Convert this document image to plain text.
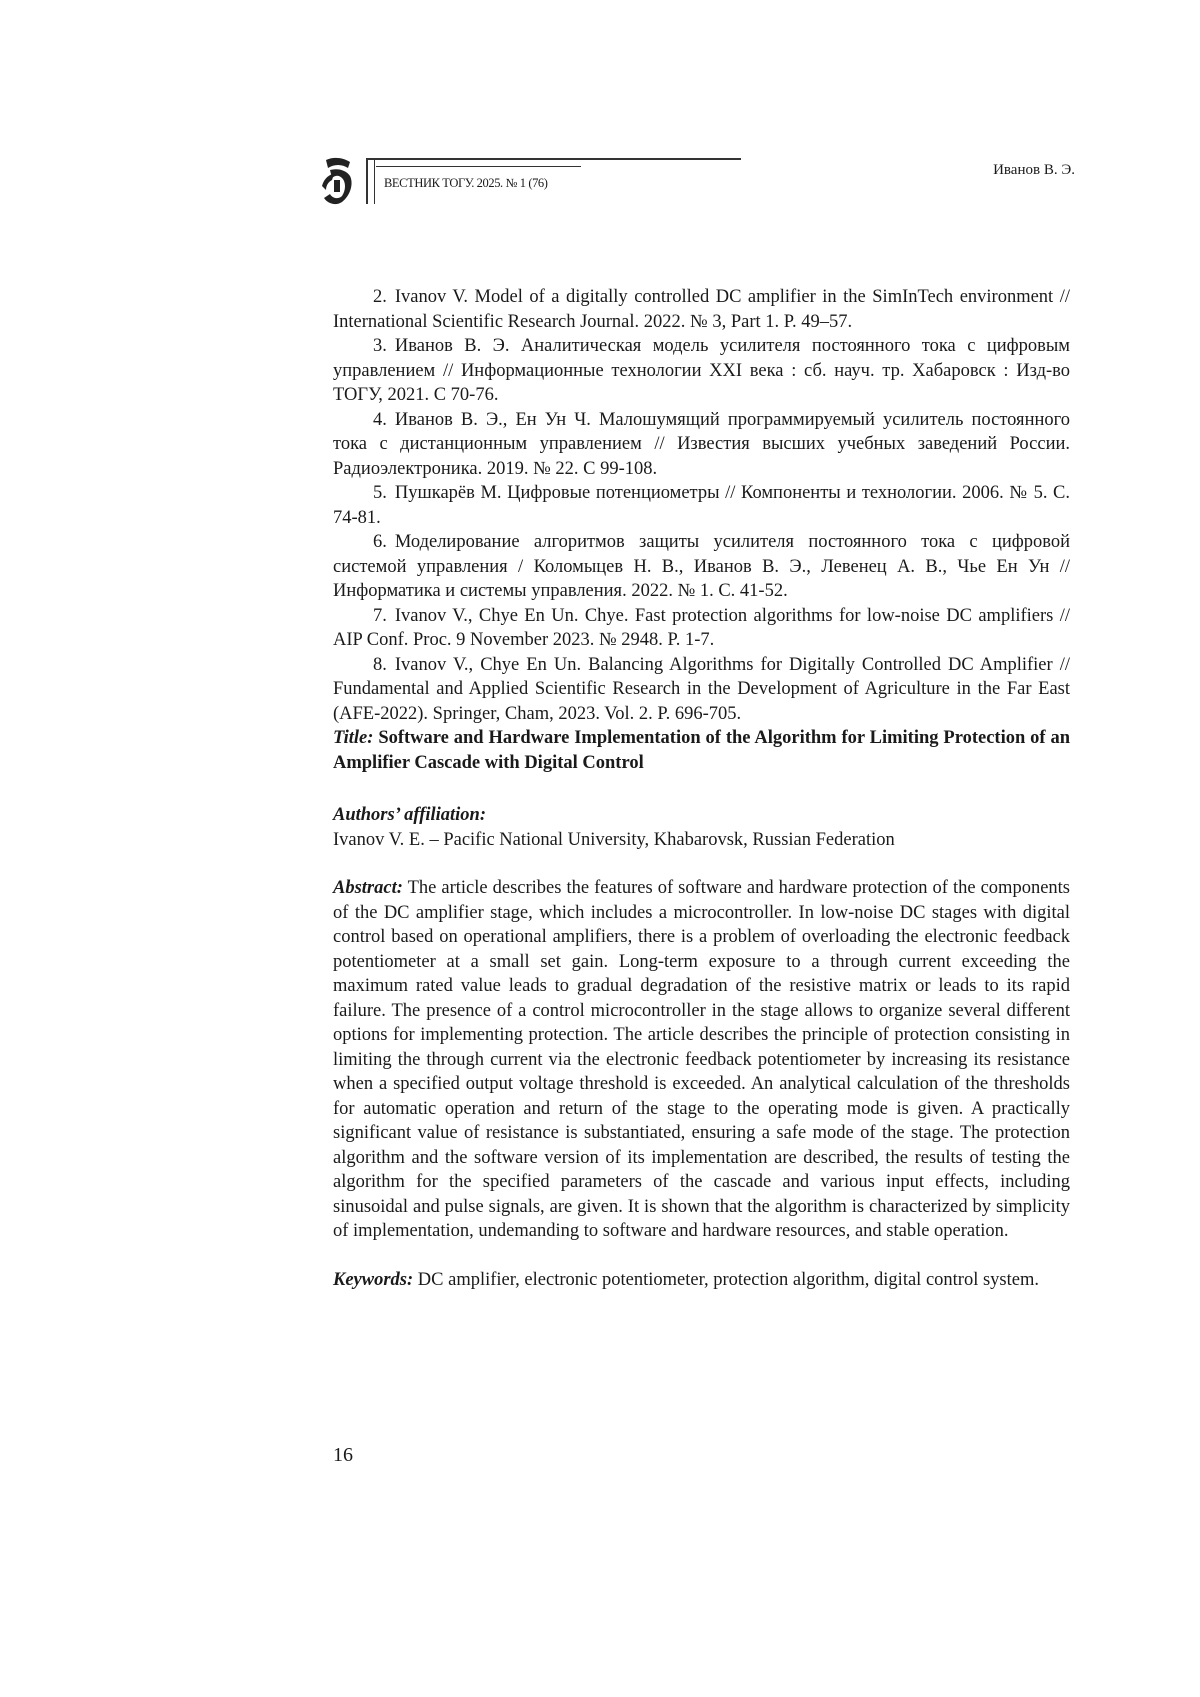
ВЕСТНИК ТОГУ. 2025. № 1 (76)
Иванов В. Э.

2. Ivanov V. Model of a digitally controlled DC amplifier in the SimInTech environment // International Scientific Research Journal. 2022. № 3, Part 1. P. 49–57.

3. Иванов В. Э. Аналитическая модель усилителя постоянного тока с цифровым управлением // Информационные технологии XXI века : сб. науч. тр. Хабаровск : Изд-во ТОГУ, 2021. С 70-76.

4. Иванов В. Э., Ен Ун Ч. Малошумящий программируемый усилитель постоянного тока с дистанционным управлением // Известия высших учебных заведений России. Радиоэлектроника. 2019. № 22. С 99-108.

5. Пушкарёв М. Цифровые потенциометры // Компоненты и технологии. 2006. № 5. С. 74-81.

6. Моделирование алгоритмов защиты усилителя постоянного тока с цифровой системой управления / Коломыцев Н. В., Иванов В. Э., Левенец А. В., Чье Ен Ун // Информатика и системы управления. 2022. № 1. С. 41-52.

7. Ivanov V., Chye En Un. Chye. Fast protection algorithms for low-noise DC amplifiers // AIP Conf. Proc. 9 November 2023. № 2948. P. 1-7.

8. Ivanov V., Chye En Un. Balancing Algorithms for Digitally Controlled DC Amplifier // Fundamental and Applied Scientific Research in the Development of Agriculture in the Far East (AFE-2022). Springer, Cham, 2023. Vol. 2. P. 696-705.

Title: Software and Hardware Implementation of the Algorithm for Limiting Protection of an Amplifier Cascade with Digital Control

Authors’ affiliation:
Ivanov V. E. – Pacific National University, Khabarovsk, Russian Federation

Abstract: The article describes the features of software and hardware protection of the components of the DC amplifier stage, which includes a microcontroller. In low-noise DC stages with digital control based on operational amplifiers, there is a problem of overloading the electronic feedback potentiometer at a small set gain. Long-term exposure to a through current exceeding the maximum rated value leads to gradual degradation of the resistive matrix or leads to its rapid failure. The presence of a control microcontroller in the stage allows to organize several different options for implementing protection. The article describes the principle of protection consisting in limiting the through current via the electronic feedback potentiometer by increasing its resistance when a specified output voltage threshold is exceeded. An analytical calculation of the thresholds for automatic operation and return of the stage to the operating mode is given. A practically significant value of resistance is substantiated, ensuring a safe mode of the stage. The protection algorithm and the software version of its implementation are described, the results of testing the algorithm for the specified parameters of the cascade and various input effects, including sinusoidal and pulse signals, are given. It is shown that the algorithm is characterized by simplicity of implementation, undemanding to software and hardware resources, and stable operation.

Keywords: DC amplifier, electronic potentiometer, protection algorithm, digital control system.

16
